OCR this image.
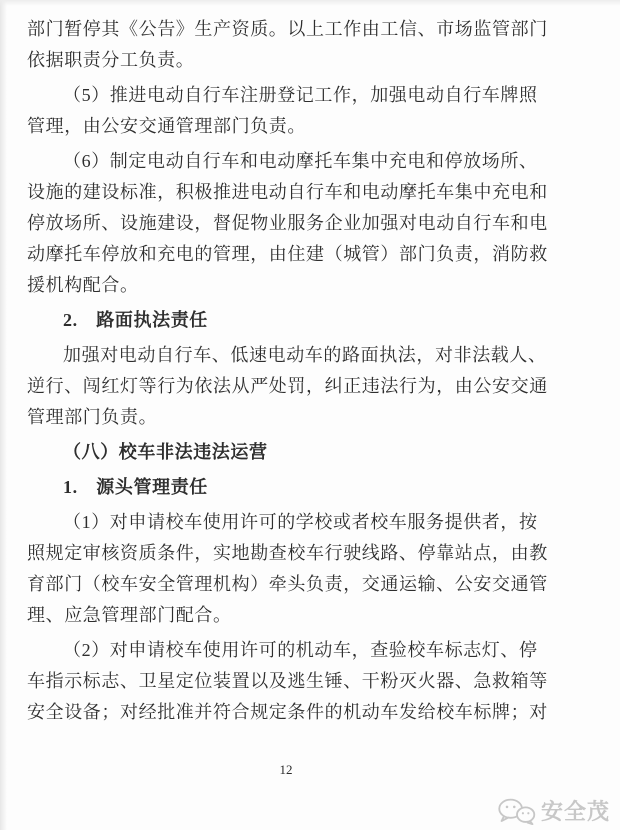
部门暂停其《公告》生产资质。以上工作由工信、市场监管部门
依据职责分工负责。
（5）推进电动自行车注册登记工作，加强电动自行车牌照
管理，由公安交通管理部门负责。
（6）制定电动自行车和电动摩托车集中充电和停放场所、
设施的建设标准，积极推进电动自行车和电动摩托车集中充电和
停放场所、设施建设，督促物业服务企业加强对电动自行车和电
动摩托车停放和充电的管理，由住建（城管）部门负责，消防救
援机构配合。
2.　路面执法责任
加强对电动自行车、低速电动车的路面执法，对非法载人、
逆行、闯红灯等行为依法从严处罚，纠正违法行为，由公安交通
管理部门负责。
（八）校车非法违法运营
1.　源头管理责任
（1）对申请校车使用许可的学校或者校车服务提供者，按
照规定审核资质条件，实地勘查校车行驶线路、停靠站点，由教
育部门（校车安全管理机构）牵头负责，交通运输、公安交通管
理、应急管理部门配合。
（2）对申请校车使用许可的机动车，查验校车标志灯、停
车指示标志、卫星定位装置以及逃生锤、干粉灭火器、急救箱等
安全设备；对经批准并符合规定条件的机动车发给校车标牌；对
12
安全茂
